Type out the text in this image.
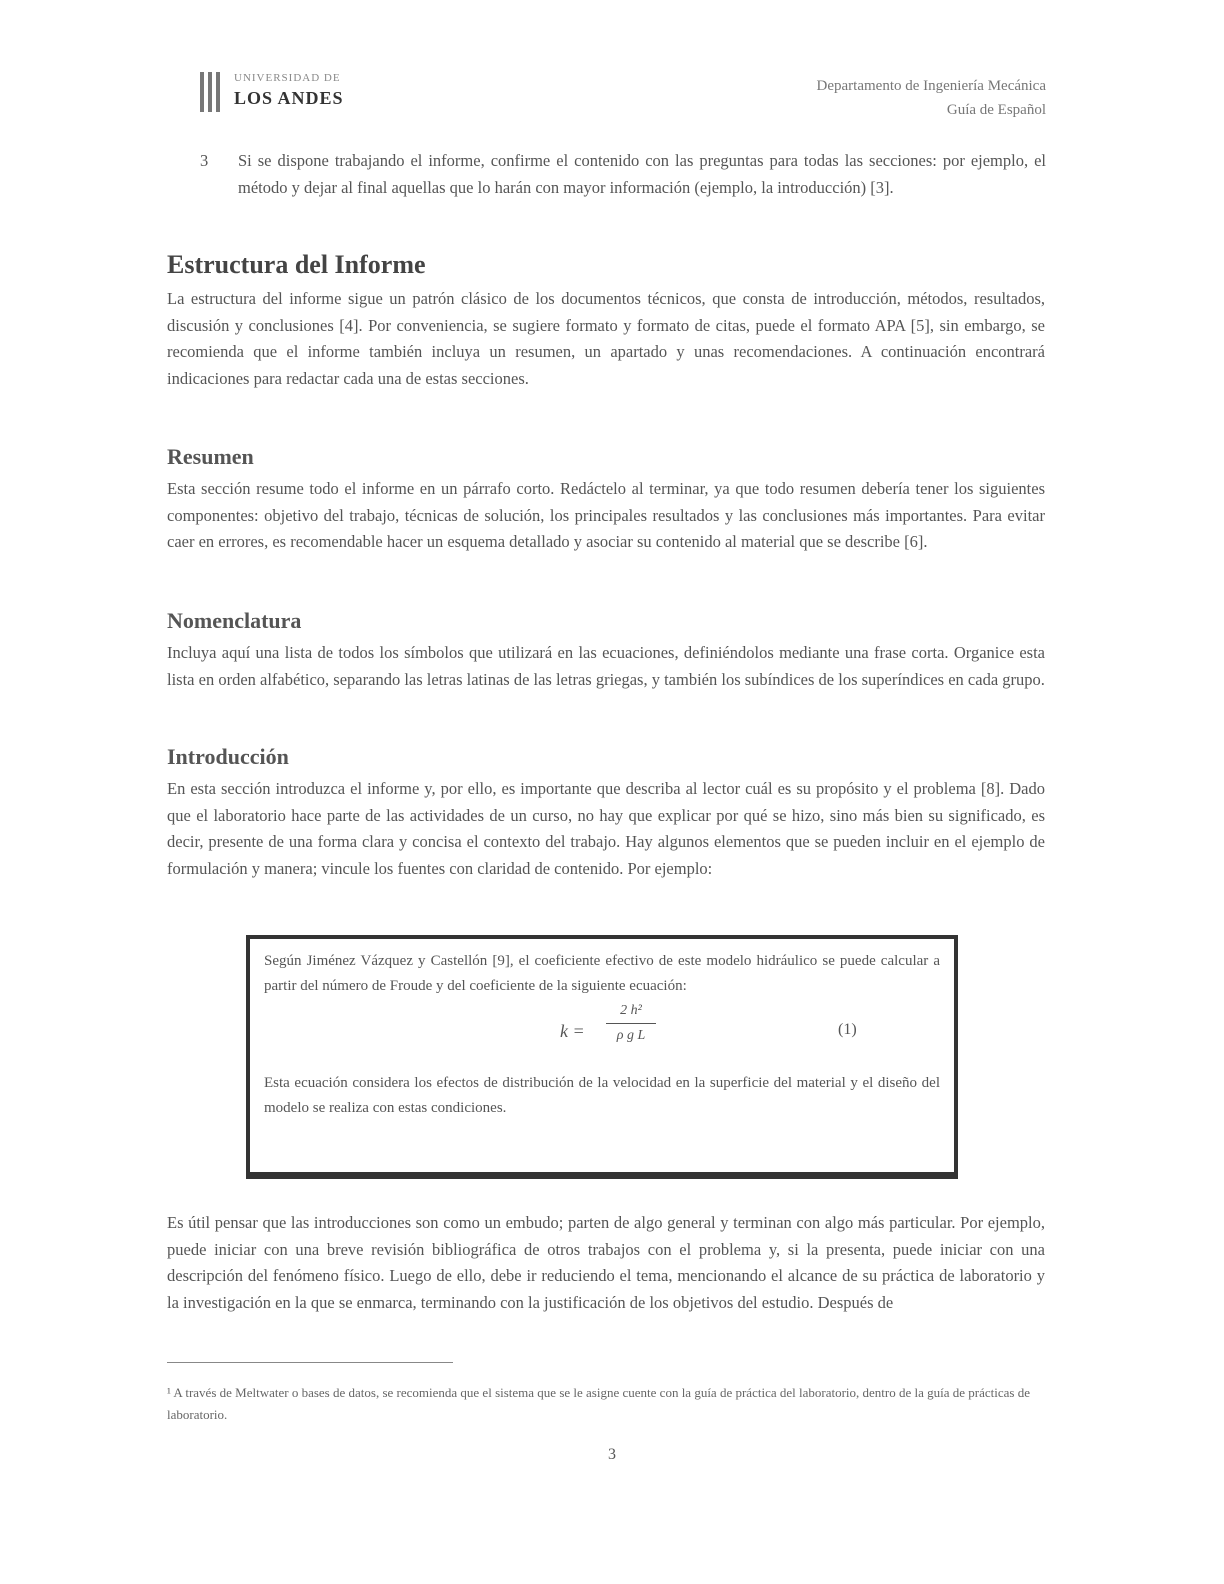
UNIVERSIDAD DE
LOS ANDES
Departamento de Ingeniería Mecánica
Guía de Español
3 Si se dispone trabajando el informe, confirme el contenido con las preguntas para todas las secciones: por ejemplo, el método y dejar al final aquellas que lo harán con mayor información (ejemplo, la introducción) [3].
Estructura del Informe

La estructura del informe sigue un patrón clásico de los documentos técnicos, que consta de introducción, métodos, resultados, discusión y conclusiones [4]. Por conveniencia, se sugiere formato y formato de citas, puede el formato APA [5], sin embargo, se recomienda que el informe también incluya un resumen, un apartado y unas recomendaciones. A continuación encontrará indicaciones para redactar cada una de estas secciones.

Resumen

Esta sección resume todo el informe en un párrafo corto. Redáctelo al terminar, ya que todo resumen debería tener los siguientes componentes: objetivo del trabajo, técnicas de solución, los principales resultados y las conclusiones más importantes. Para evitar caer en errores, es recomendable hacer un esquema detallado y asociar su contenido al material que se describe [6].

Nomenclatura

Incluya aquí una lista de todos los símbolos que utilizará en las ecuaciones, definiéndolos mediante una frase corta. Organice esta lista en orden alfabético, separando las letras latinas de las letras griegas, y también los subíndices de los superíndices en cada grupo.

Introducción

En esta sección introduzca el informe y, por ello, es importante que describa al lector cuál es su propósito y el problema [8]. Dado que el laboratorio hace parte de las actividades de un curso, no hay que explicar por qué se hizo, sino más bien su significado, es decir, presente de una forma clara y concisa el contexto del trabajo. Hay algunos elementos que se pueden incluir en el ejemplo de formulación y manera; vincule los fuentes con claridad de contenido. Por ejemplo:

Según Jiménez Vázquez y Castellón [9], el coeficiente efectivo de este modelo hidráulico se puede calcular a partir del número de Froude y del coeficiente de la siguiente ecuación:

k =
2 h²
ρ g L	(1)

Esta ecuación considera los efectos de distribución de la velocidad en la superficie del material y el diseño del modelo se realiza con estas condiciones.

Es útil pensar que las introducciones son como un embudo; parten de algo general y terminan con algo más particular. Por ejemplo, puede iniciar con una breve revisión bibliográfica de otros trabajos con el problema y, si la presenta, puede iniciar con una descripción del fenómeno físico. Luego de ello, debe ir reduciendo el tema, mencionando el alcance de su práctica de laboratorio y la investigación en la que se enmarca, terminando con la justificación de los objetivos del estudio. Después de

¹ A través de Meltwater o bases de datos, se recomienda que el sistema que se le asigne cuente con la guía de práctica del laboratorio, dentro de la guía de prácticas de laboratorio.
3
